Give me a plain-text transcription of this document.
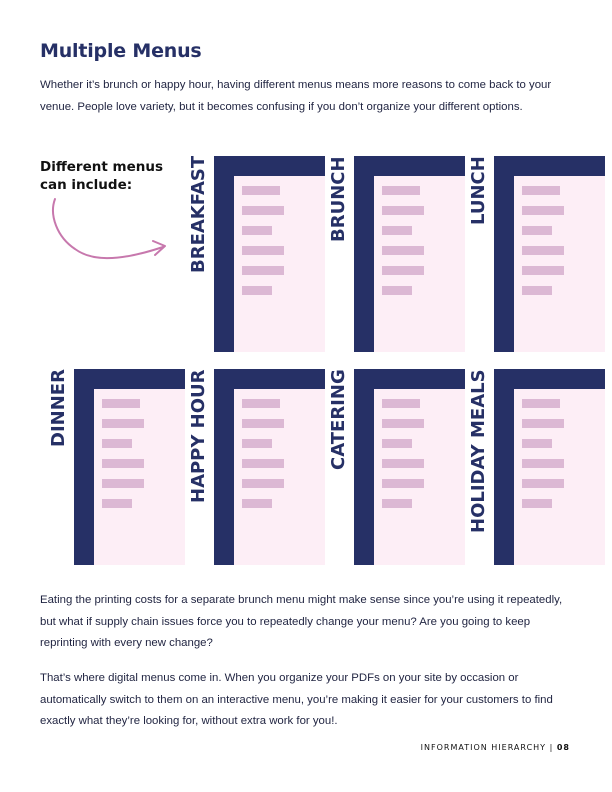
Multiple Menus

Whether it’s brunch or happy hour, having different menus means more reasons to come back to your venue. People love variety, but it becomes confusing if you don’t organize your different options.

Different menus can include:	BREAKFAST	BRUNCH	LUNCH
DINNER	HAPPY HOUR	CATERING	HOLIDAY MEALS

Eating the printing costs for a separate brunch menu might make sense since you’re using it repeatedly, but what if supply chain issues force you to repeatedly change your menu? Are you going to keep reprinting with every new change?

That’s where digital menus come in. When you organize your PDFs on your site by occasion or automatically switch to them on an interactive menu, you’re making it easier for your customers to find exactly what they’re looking for, without extra work for you!.

INFORMATION HIERARCHY | 08
